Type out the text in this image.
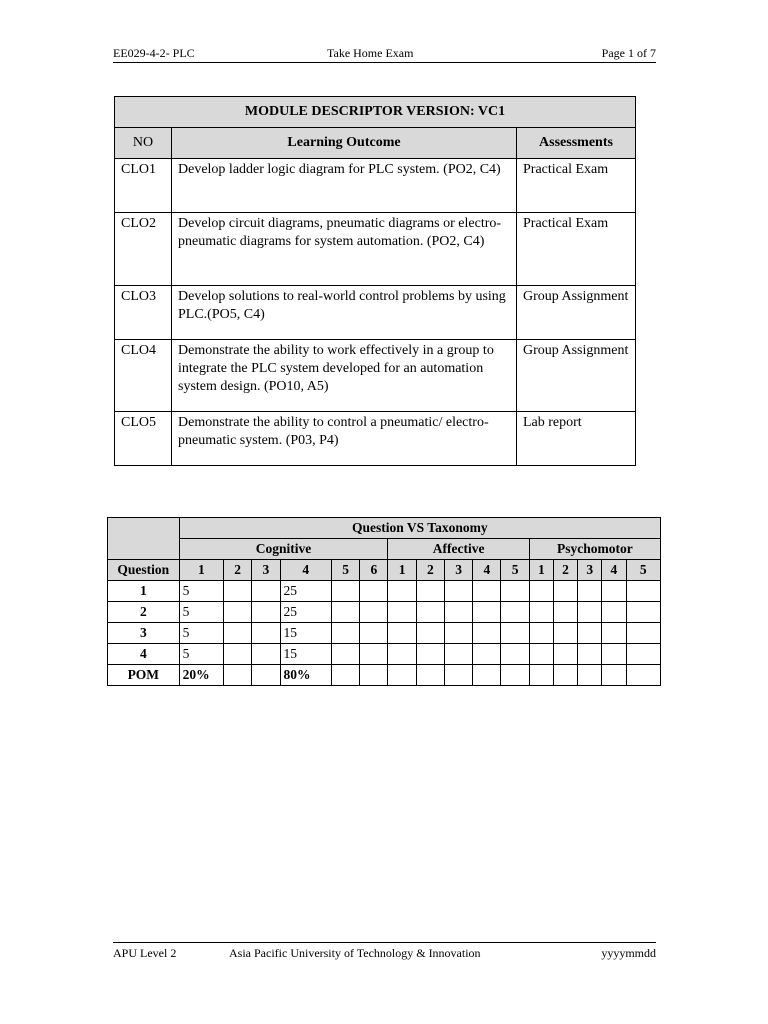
EE029-4-2- PLC	Take Home Exam	Page 1 of 7
MODULE DESCRIPTOR VERSION: VC1		
NO	Learning Outcome	Assessments
CLO1	Develop ladder logic diagram for PLC system. (PO2, C4)	Practical Exam
CLO2	Develop circuit diagrams, pneumatic diagrams or electro-pneumatic diagrams for system automation. (PO2, C4)	Practical Exam
CLO3	Develop solutions to real-world control problems by using PLC.(PO5, C4)	Group Assignment
CLO4	Demonstrate the ability to work effectively in a group to integrate the PLC system developed for an automation system design. (PO10, A5)	Group Assignment
CLO5	Demonstrate the ability to control a pneumatic/ electro-pneumatic system. (P03, P4)	Lab report
	Question VS Taxonomy															
	Cognitive						Affective					Psychomotor				
Question	1	2	3	4	5	6	1	2	3	4	5	1	2	3	4	5
1	5			25												
2	5			25												
3	5			15												
4	5			15												
POM	20%			80%												
APU Level 2	Asia Pacific University of Technology & Innovation	yyyymmdd
